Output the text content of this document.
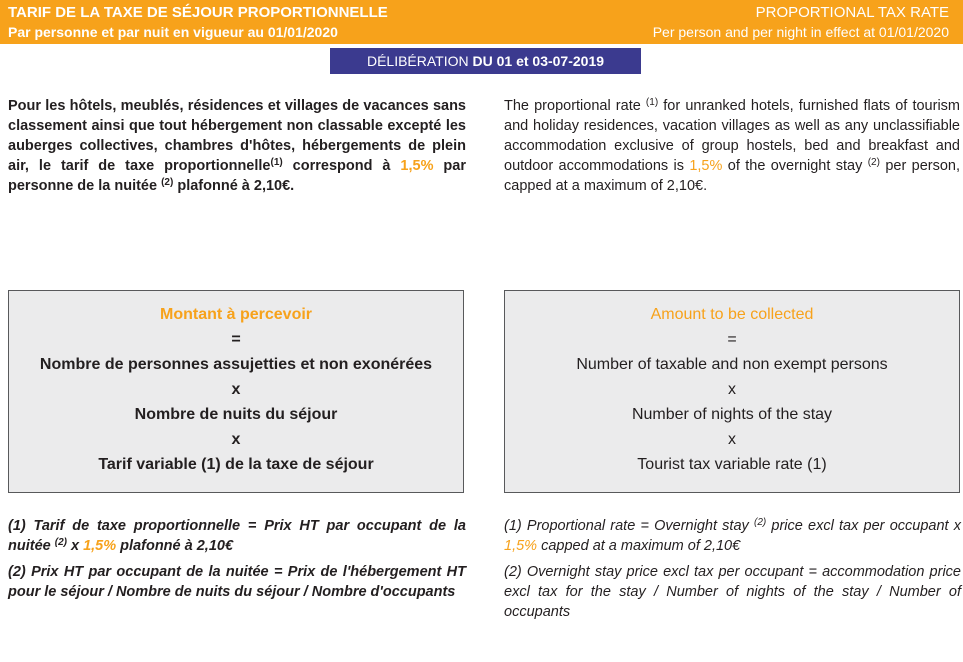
TARIF DE LA TAXE DE SÉJOUR PROPORTIONNELLE
Par personne et par nuit en vigueur au 01/01/2020
PROPORTIONAL TAX RATE
Per person and per night in effect at 01/01/2020
DÉLIBÉRATION DU 01 et 03-07-2019
Pour les hôtels, meublés, résidences et villages de vacances sans classement ainsi que tout hébergement non classable excepté les auberges collectives, chambres d'hôtes, hébergements de plein air, le tarif de taxe proportionnelle$^{(1)}$ correspond à 1,5% par personne de la nuitée $^{(2)}$ plafonné à 2,10€.
The proportional rate $^{(1)}$ for unranked hotels, furnished flats of tourism and holiday residences, vacation villages as well as any unclassifiable accommodation exclusive of group hostels, bed and breakfast and outdoor accommodations is 1,5% of the overnight stay $^{(2)}$ per person, capped at a maximum of 2,10€.
Montant à percevoir
=
Nombre de personnes assujetties et non exonérées
x
Nombre de nuits du séjour
x
Tarif variable (1) de la taxe de séjour
Amount to be collected
=
Number of taxable and non exempt persons
x
Number of nights of the stay
x
Tourist tax variable rate (1)

(1) Tarif de taxe proportionnelle = Prix HT par occupant de la nuitée $^{(2)}$ x 1,5% plafonné à 2,10€

(2) Prix HT par occupant de la nuitée = Prix de l'hébergement HT pour le séjour / Nombre de nuits du séjour / Nombre d'occupants

(1) Proportional rate = Overnight stay $^{(2)}$ price excl tax per occupant x 1,5% capped at a maximum of 2,10€

(2) Overnight stay price excl tax per occupant = accommodation price excl tax for the stay / Number of nights of the stay / Number of occupants
